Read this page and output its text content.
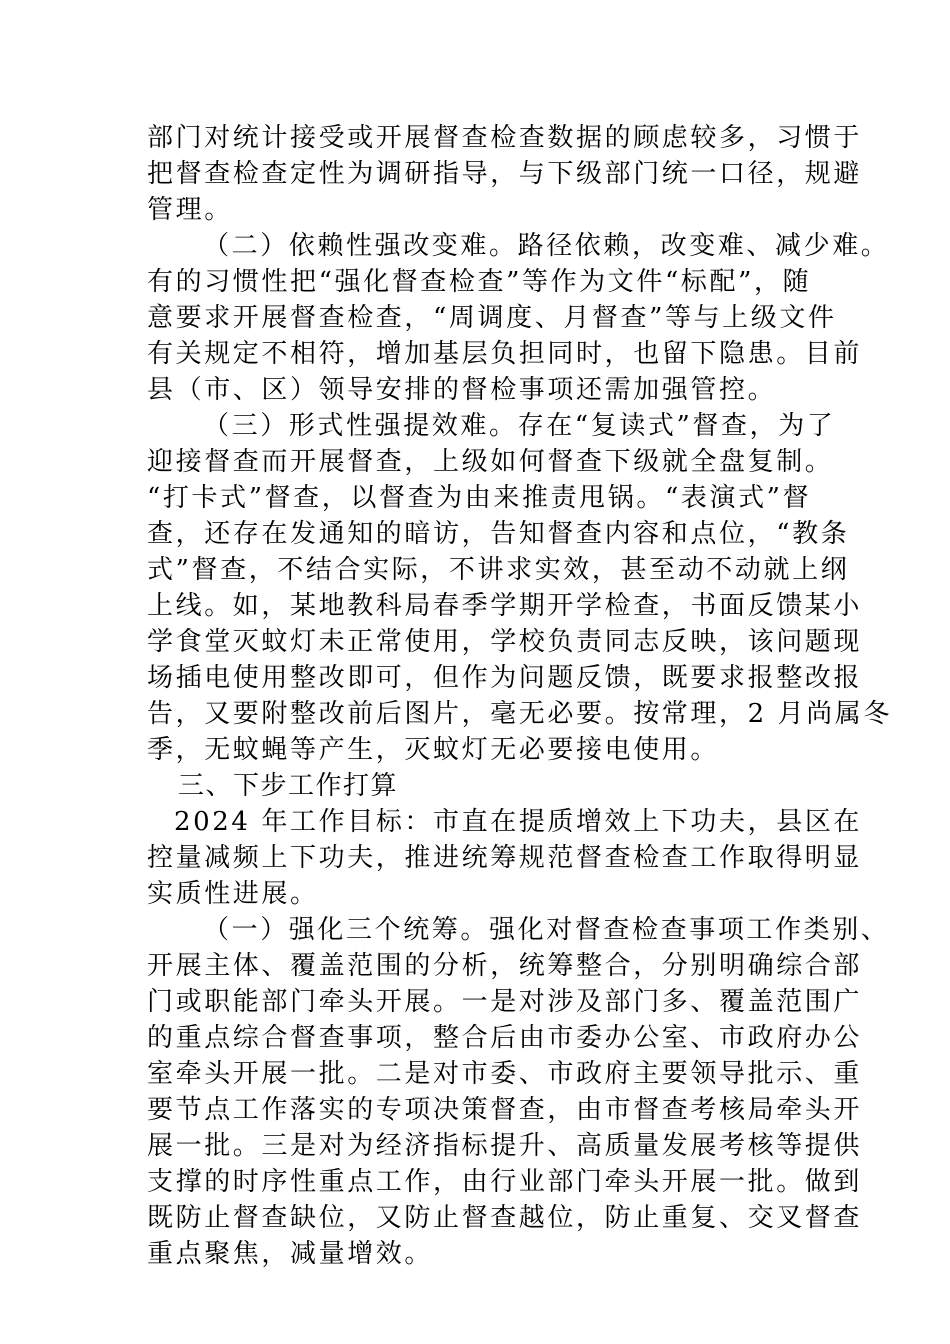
部门对统计接受或开展督查检查数据的顾虑较多，习惯于
把督查检查定性为调研指导，与下级部门统一口径，规避
管理。
（二）依赖性强改变难。路径依赖，改变难、减少难。
有的习惯性把“强化督查检查”等作为文件“标配”，随
意要求开展督查检查，“周调度、月督查”等与上级文件
有关规定不相符，增加基层负担同时，也留下隐患。目前
县（市、区）领导安排的督检事项还需加强管控。
（三）形式性强提效难。存在“复读式”督查，为了
迎接督查而开展督查，上级如何督查下级就全盘复制。
“打卡式”督查，以督查为由来推责甩锅。“表演式”督
查，还存在发通知的暗访，告知督查内容和点位，“教条
式”督查，不结合实际，不讲求实效，甚至动不动就上纲
上线。如，某地教科局春季学期开学检查，书面反馈某小
学食堂灭蚊灯未正常使用，学校负责同志反映，该问题现
场插电使用整改即可，但作为问题反馈，既要求报整改报
告，又要附整改前后图片，毫无必要。按常理，2 月尚属冬
季，无蚊蝇等产生，灭蚊灯无必要接电使用。
三、下步工作打算
2024 年工作目标：市直在提质增效上下功夫，县区在
控量减频上下功夫，推进统筹规范督查检查工作取得明显
实质性进展。
（一）强化三个统筹。强化对督查检查事项工作类别、
开展主体、覆盖范围的分析，统筹整合，分别明确综合部
门或职能部门牵头开展。一是对涉及部门多、覆盖范围广
的重点综合督查事项，整合后由市委办公室、市政府办公
室牵头开展一批。二是对市委、市政府主要领导批示、重
要节点工作落实的专项决策督查，由市督查考核局牵头开
展一批。三是对为经济指标提升、高质量发展考核等提供
支撑的时序性重点工作，由行业部门牵头开展一批。做到
既防止督查缺位，又防止督查越位，防止重复、交叉督查
重点聚焦，减量增效。
